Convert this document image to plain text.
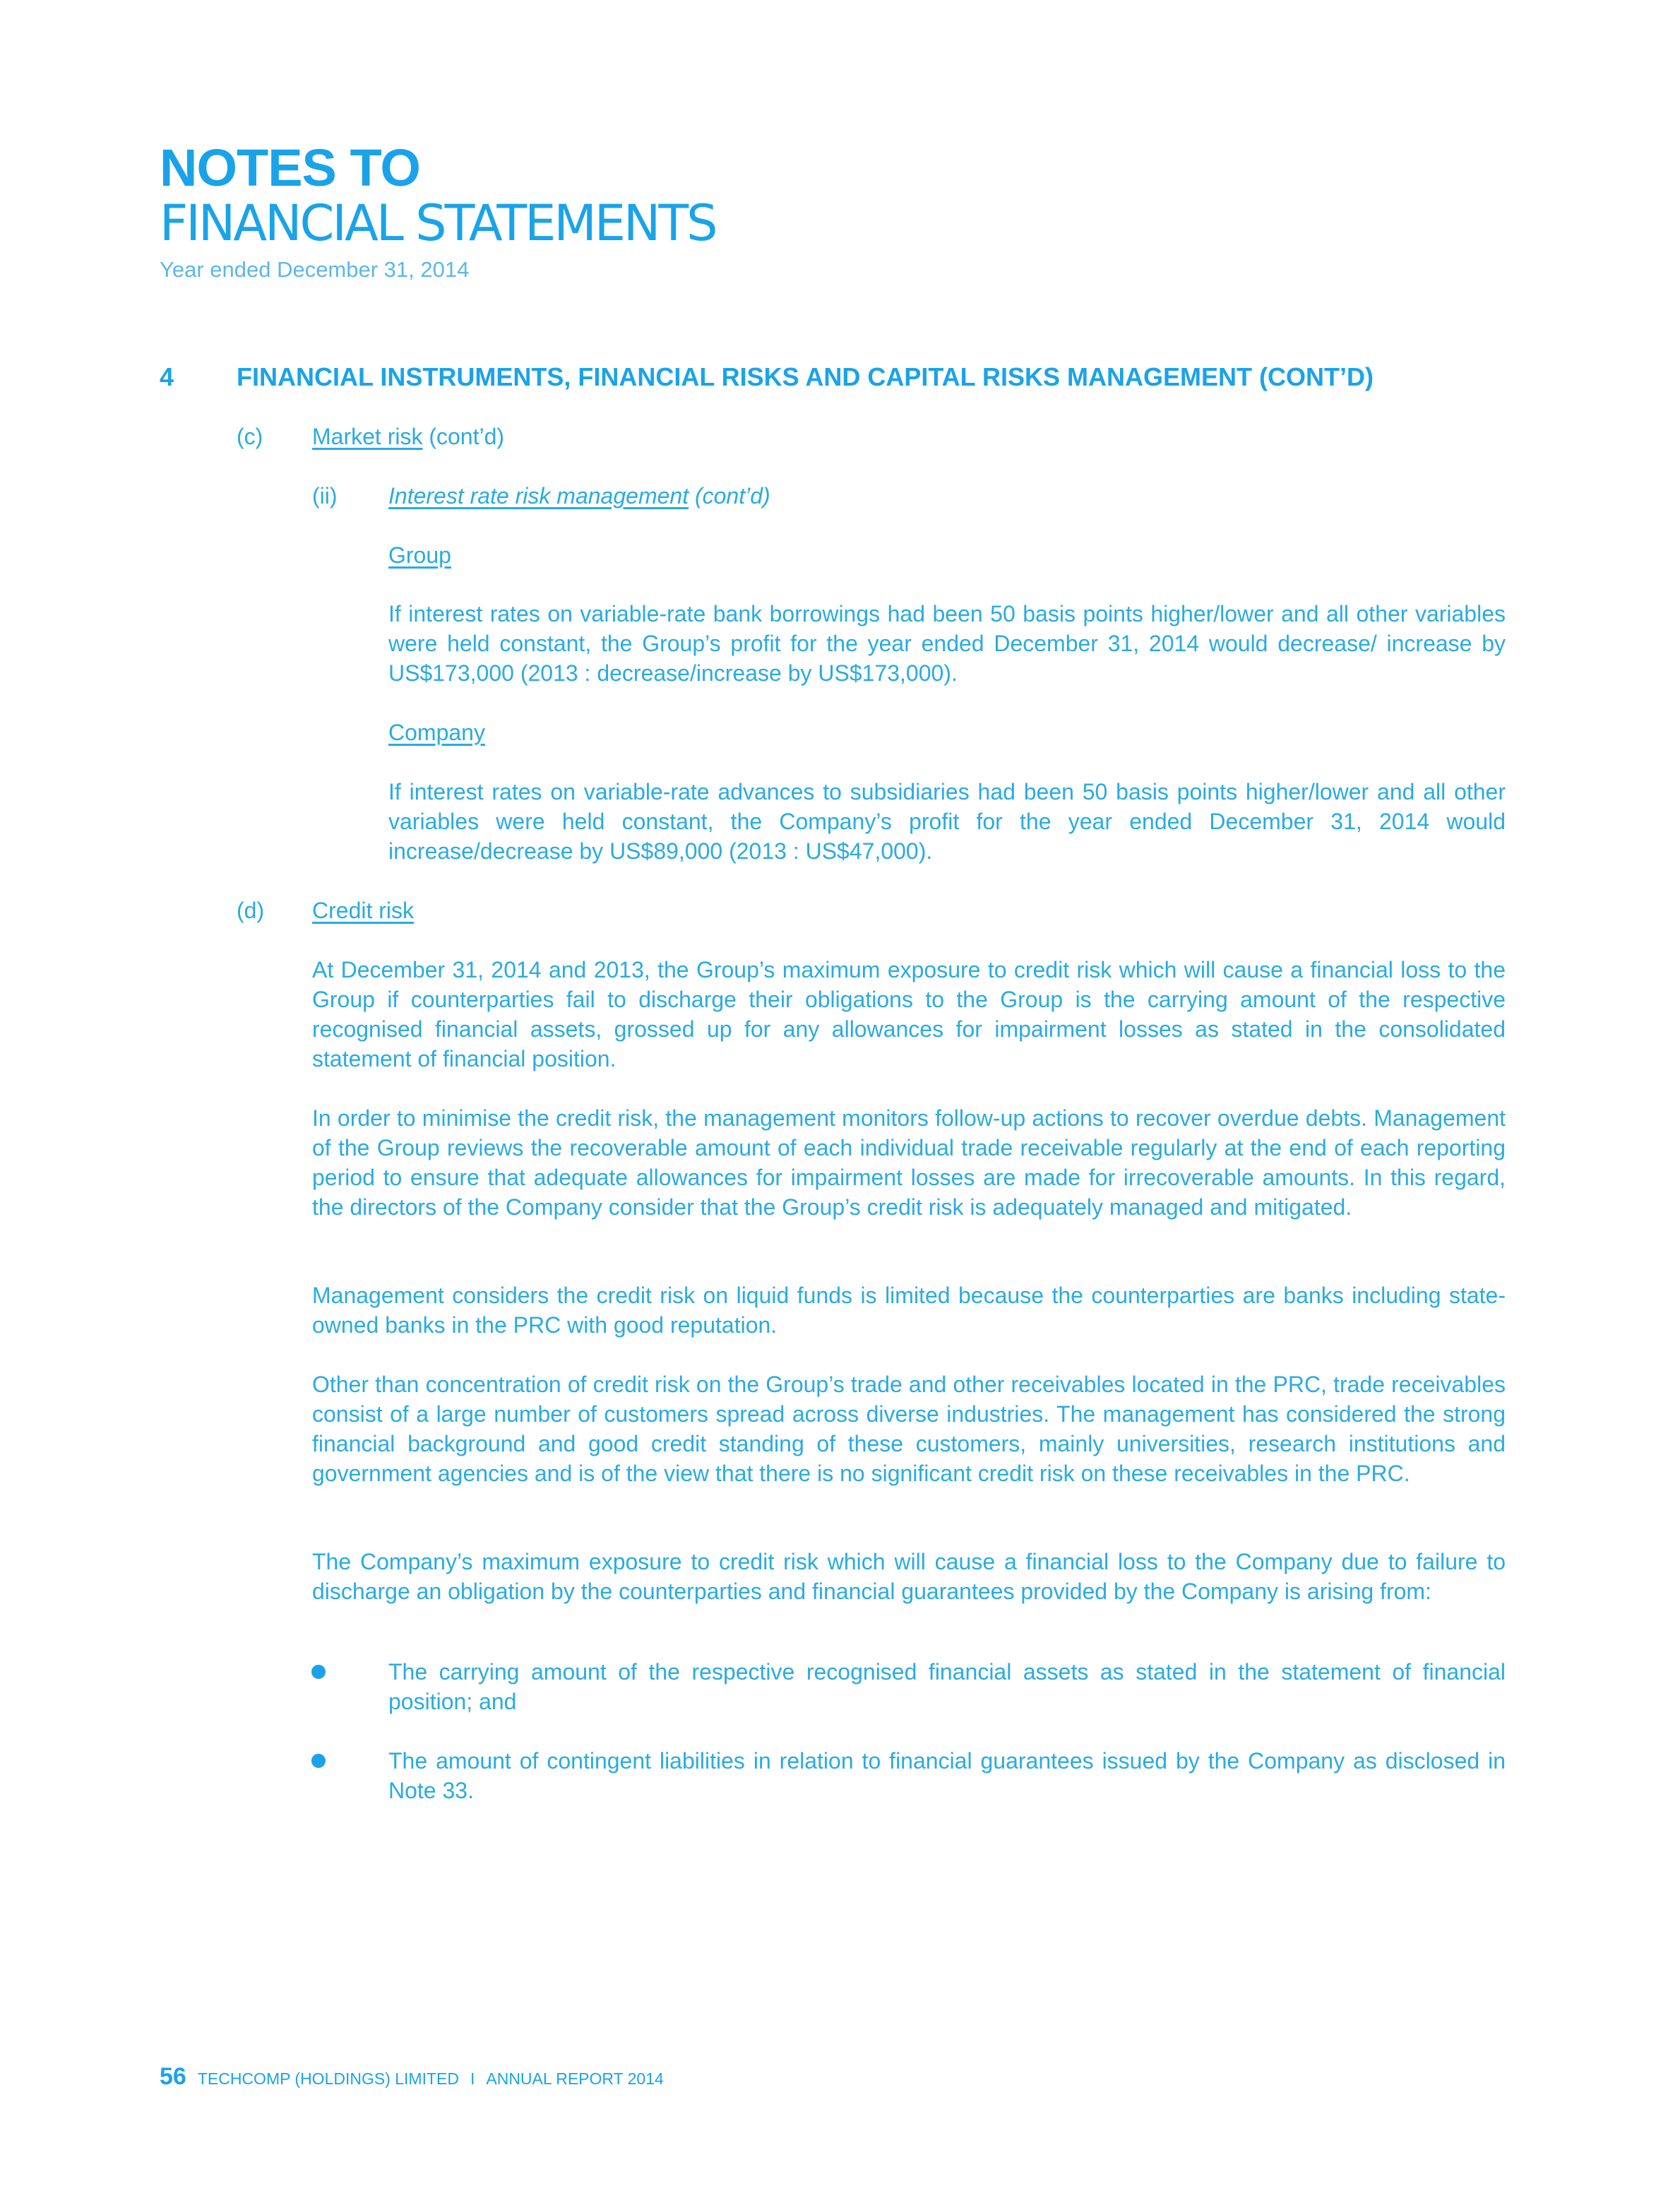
NOTES TO
FINANCIAL STATEMENTS
Year ended December 31, 2014
4 FINANCIAL INSTRUMENTS, FINANCIAL RISKS AND CAPITAL RISKS MANAGEMENT (CONT’D)
(c) Market risk (cont’d)
(ii) Interest rate risk management (cont’d)
Group

If interest rates on variable-rate bank borrowings had been 50 basis points higher/lower and all other variables were held constant, the Group’s profit for the year ended December 31, 2014 would decrease/ increase by US$173,000 (2013 : decrease/increase by US$173,000).

Company

If interest rates on variable-rate advances to subsidiaries had been 50 basis points higher/lower and all other variables were held constant, the Company’s profit for the year ended December 31, 2014 would increase/decrease by US$89,000 (2013 : US$47,000).

(d) Credit risk

At December 31, 2014 and 2013, the Group’s maximum exposure to credit risk which will cause a financial loss to the Group if counterparties fail to discharge their obligations to the Group is the carrying amount of the respective recognised financial assets, grossed up for any allowances for impairment losses as stated in the consolidated statement of financial position.

In order to minimise the credit risk, the management monitors follow-up actions to recover overdue debts. Management of the Group reviews the recoverable amount of each individual trade receivable regularly at the end of each reporting period to ensure that adequate allowances for impairment losses are made for irrecoverable amounts. In this regard, the directors of the Company consider that the Group’s credit risk is adequately managed and mitigated.

Management considers the credit risk on liquid funds is limited because the counterparties are banks including state-owned banks in the PRC with good reputation.

Other than concentration of credit risk on the Group’s trade and other receivables located in the PRC, trade receivables consist of a large number of customers spread across diverse industries. The management has considered the strong financial background and good credit standing of these customers, mainly universities, research institutions and government agencies and is of the view that there is no significant credit risk on these receivables in the PRC.

The Company’s maximum exposure to credit risk which will cause a financial loss to the Company due to failure to discharge an obligation by the counterparties and financial guarantees provided by the Company is arising from:

The carrying amount of the respective recognised financial assets as stated in the statement of financial position; and

The amount of contingent liabilities in relation to financial guarantees issued by the Company as disclosed in Note 33.

56 TECHCOMP (HOLDINGS) LIMITED I ANNUAL REPORT 2014
